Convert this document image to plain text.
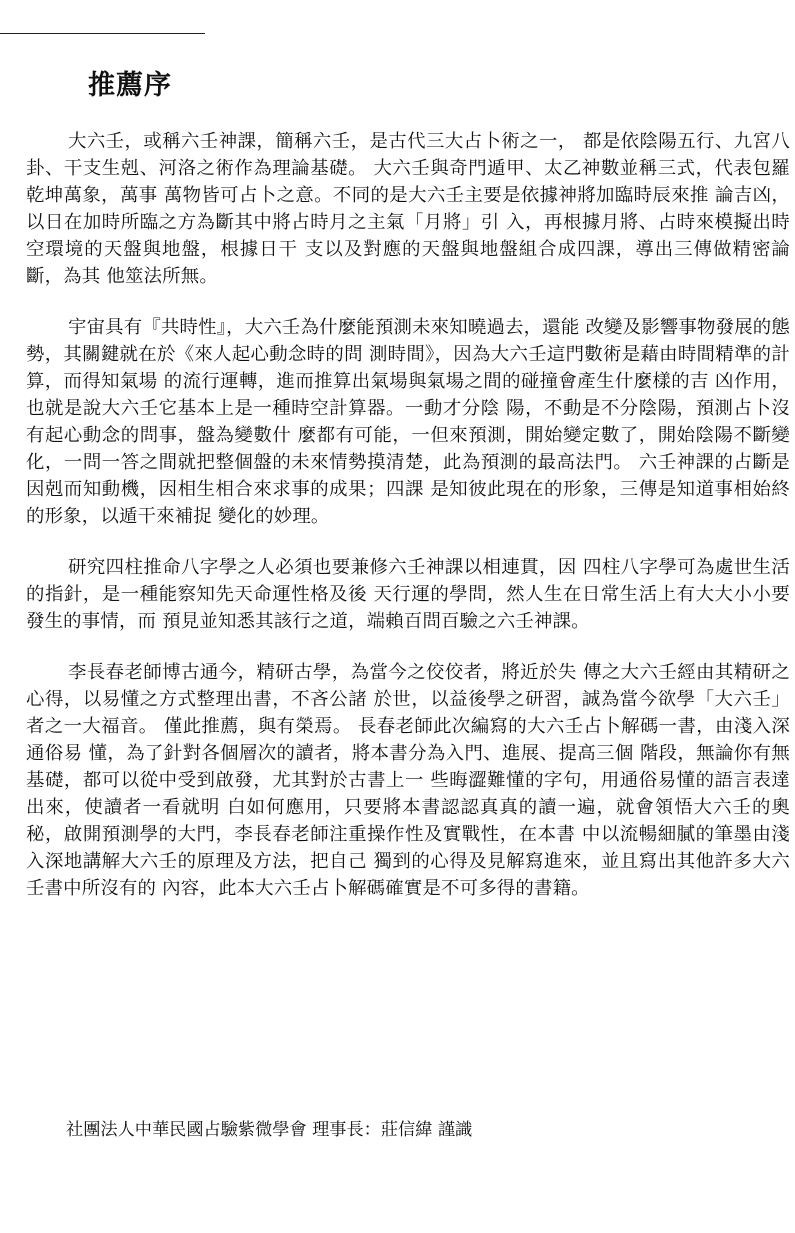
推薦序

大六壬，或稱六壬神課，簡稱六壬，是古代三大占卜術之一， 都是依陰陽五行、九宮八卦、干支生剋、河洛之術作為理論基礎。 大六壬與奇門遁甲、太乙神數並稱三式，代表包羅乾坤萬象，萬事 萬物皆可占卜之意。不同的是大六壬主要是依據神將加臨時辰來推 論吉凶，以日在加時所臨之方為斷其中將占時月之主氣「月將」引 入，再根據月將、占時來模擬出時空環境的天盤與地盤，根據日干 支以及對應的天盤與地盤組合成四課，導出三傳做精密論斷，為其 他筮法所無。

宇宙具有『共時性』，大六壬為什麼能預測未來知曉過去，還能 改變及影響事物發展的態勢，其關鍵就在於《來人起心動念時的問 測時間》，因為大六壬這門數術是藉由時間精準的計算，而得知氣場 的流行運轉，進而推算出氣場與氣場之間的碰撞會產生什麼樣的吉 凶作用，也就是說大六壬它基本上是一種時空計算器。一動才分陰 陽，不動是不分陰陽，預測占卜沒有起心動念的問事，盤為變數什 麼都有可能，一但來預測，開始變定數了，開始陰陽不斷變化，一問一答之間就把整個盤的未來情勢摸清楚，此為預測的最高法門。 六壬神課的占斷是因剋而知動機，因相生相合來求事的成果；四課 是知彼此現在的形象，三傳是知道事相始終的形象，以遁干來補捉 變化的妙理。

研究四柱推命八字學之人必須也要兼修六壬神課以相連貫，因 四柱八字學可為處世生活的指針，是一種能察知先天命運性格及後 天行運的學問，然人生在日常生活上有大大小小要發生的事情，而 預見並知悉其該行之道，端賴百問百驗之六壬神課。

李長春老師博古通今，精研古學，為當今之佼佼者，將近於失 傳之大六壬經由其精研之心得，以易懂之方式整理出書，不吝公諸 於世，以益後學之研習，誠為當今欲學「大六壬」者之一大福音。 僅此推薦，與有榮焉。 長春老師此次編寫的大六壬占卜解碼一書，由淺入深通俗易 懂，為了針對各個層次的讀者，將本書分為入門、進展、提高三個 階段，無論你有無基礎，都可以從中受到啟發，尤其對於古書上一 些晦澀難懂的字句，用通俗易懂的語言表達出來，使讀者一看就明 白如何應用，只要將本書認認真真的讀一遍，就會領悟大六壬的奧 秘，啟開預測學的大門，李長春老師注重操作性及實戰性，在本書 中以流暢細膩的筆墨由淺入深地講解大六壬的原理及方法，把自己 獨到的心得及見解寫進來，並且寫出其他許多大六壬書中所沒有的 內容，此本大六壬占卜解碼確實是不可多得的書籍。

社團法人中華民國占驗紫微學會 理事長：莊信緯 謹識
